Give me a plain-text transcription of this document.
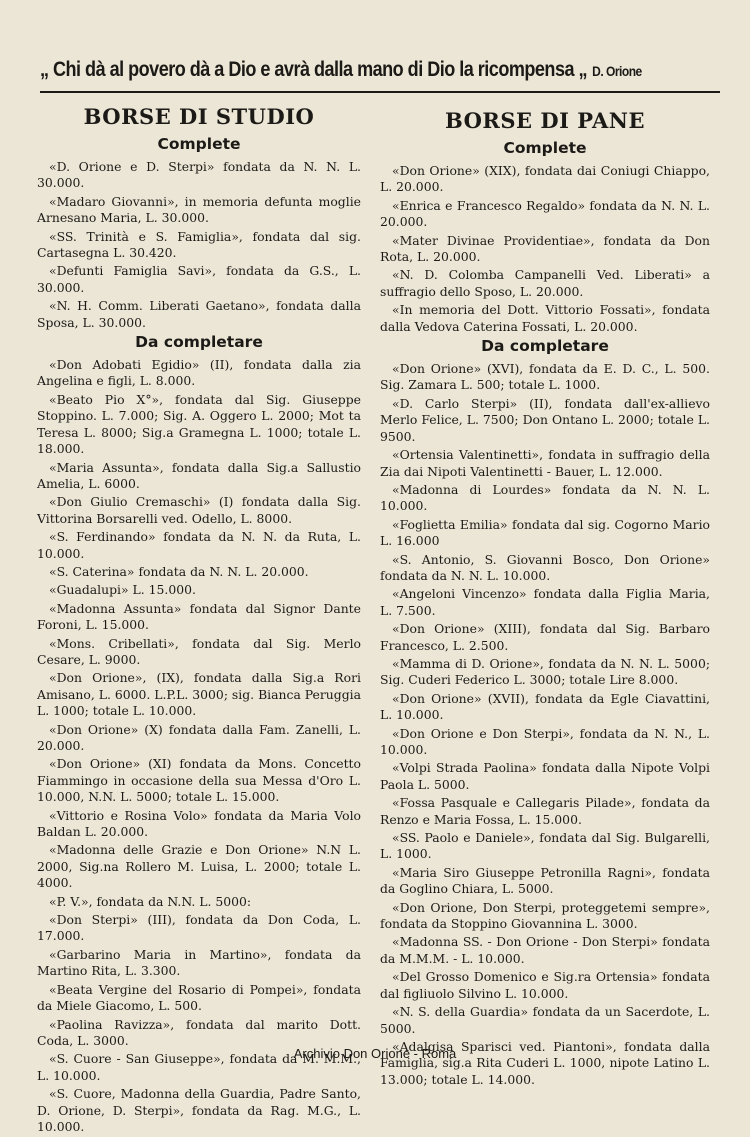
„ Chi dà al povero dà a Dio e avrà dalla mano di Dio la ricompensa „ D. Orione
BORSE DI STUDIO
Complete

«D. Orione e D. Sterpi» fondata da N. N. L. 30.000.

«Madaro Giovanni», in memoria defunta moglie Arnesano Maria, L. 30.000.

«SS. Trinità e S. Famiglia», fondata dal sig. Cartasegna L. 30.420.

«Defunti Famiglia Savi», fondata da G.S., L. 30.000.

«N. H. Comm. Liberati Gaetano», fondata dalla Sposa, L. 30.000.

Da completare

«Don Adobati Egidio» (II), fondata dalla zia Angelina e figli, L. 8.000.

«Beato Pio X°», fondata dal Sig. Giuseppe Stoppino. L. 7.000; Sig. A. Oggero L. 2000; Mot ta Teresa L. 8000; Sig.a Gramegna L. 1000; totale L. 18.000.

«Maria Assunta», fondata dalla Sig.a Sallustio Amelia, L. 6000.

«Don Giulio Cremaschi» (I) fondata dalla Sig. Vittorina Borsarelli ved. Odello, L. 8000.

«S. Ferdinando» fondata da N. N. da Ruta, L. 10.000.

«S. Caterina» fondata da N. N. L. 20.000.

«Guadalupi» L. 15.000.

«Madonna Assunta» fondata dal Signor Dante Foroni, L. 15.000.

«Mons. Cribellati», fondata dal Sig. Merlo Cesare, L. 9000.

«Don Orione», (IX), fondata dalla Sig.a Rori Amisano, L. 6000. L.P.L. 3000; sig. Bianca Peruggia L. 1000; totale L. 10.000.

«Don Orione» (X) fondata dalla Fam. Zanelli, L. 20.000.

«Don Orione» (XI) fondata da Mons. Concetto Fiammingo in occasione della sua Messa d'Oro L. 10.000, N.N. L. 5000; totale L. 15.000.

«Vittorio e Rosina Volo» fondata da Maria Volo Baldan L. 20.000.

«Madonna delle Grazie e Don Orione» N.N L. 2000, Sig.na Rollero M. Luisa, L. 2000; totale L. 4000.

«P. V.», fondata da N.N. L. 5000:

«Don Sterpi» (III), fondata da Don Coda, L. 17.000.

«Garbarino Maria in Martino», fondata da Martino Rita, L. 3.300.

«Beata Vergine del Rosario di Pompei», fondata da Miele Giacomo, L. 500.

«Paolina Ravizza», fondata dal marito Dott. Coda, L. 3000.

«S. Cuore - San Giuseppe», fondata da M. M.M., L. 10.000.

«S. Cuore, Madonna della Guardia, Padre Santo, D. Orione, D. Sterpi», fondata da Rag. M.G., L. 10.000.

BORSE DI PANE
Complete

«Don Orione» (XIX), fondata dai Coniugi Chiappo, L. 20.000.

«Enrica e Francesco Regaldo» fondata da N. N. L. 20.000.

«Mater Divinae Providentiae», fondata da Don Rota, L. 20.000.

«N. D. Colomba Campanelli Ved. Liberati» a suffragio dello Sposo, L. 20.000.

«In memoria del Dott. Vittorio Fossati», fondata dalla Vedova Caterina Fossati, L. 20.000.

Da completare

«Don Orione» (XVI), fondata da E. D. C., L. 500. Sig. Zamara L. 500; totale L. 1000.

«D. Carlo Sterpi» (II), fondata dall'ex-allievo Merlo Felice, L. 7500; Don Ontano L. 2000; totale L. 9500.

«Ortensia Valentinetti», fondata in suffragio della Zia dai Nipoti Valentinetti - Bauer, L. 12.000.

«Madonna di Lourdes» fondata da N. N. L. 10.000.

«Foglietta Emilia» fondata dal sig. Cogorno Mario L. 16.000

«S. Antonio, S. Giovanni Bosco, Don Orione» fondata da N. N. L. 10.000.

«Angeloni Vincenzo» fondata dalla Figlia Maria, L. 7.500.

«Don Orione» (XIII), fondata dal Sig. Barbaro Francesco, L. 2.500.

«Mamma di D. Orione», fondata da N. N. L. 5000; Sig. Cuderi Federico L. 3000; totale Lire 8.000.

«Don Orione» (XVII), fondata da Egle Ciavattini, L. 10.000.

«Don Orione e Don Sterpi», fondata da N. N., L. 10.000.

«Volpi Strada Paolina» fondata dalla Nipote Volpi Paola L. 5000.

«Fossa Pasquale e Callegaris Pilade», fondata da Renzo e Maria Fossa, L. 15.000.

«SS. Paolo e Daniele», fondata dal Sig. Bulgarelli, L. 1000.

«Maria Siro Giuseppe Petronilla Ragni», fondata da Goglino Chiara, L. 5000.

«Don Orione, Don Sterpi, proteggetemi sempre», fondata da Stoppino Giovannina L. 3000.

«Madonna SS. - Don Orione - Don Sterpi» fondata da M.M.M. - L. 10.000.

«Del Grosso Domenico e Sig.ra Ortensia» fondata dal figliuolo Silvino L. 10.000.

«N. S. della Guardia» fondata da un Sacerdote, L. 5000.

«Adalgisa Sparisci ved. Piantoni», fondata dalla Famiglia, sig.a Rita Cuderi L. 1000, nipote Latino L. 13.000; totale L. 14.000.

Archivio Don Orione - Roma
